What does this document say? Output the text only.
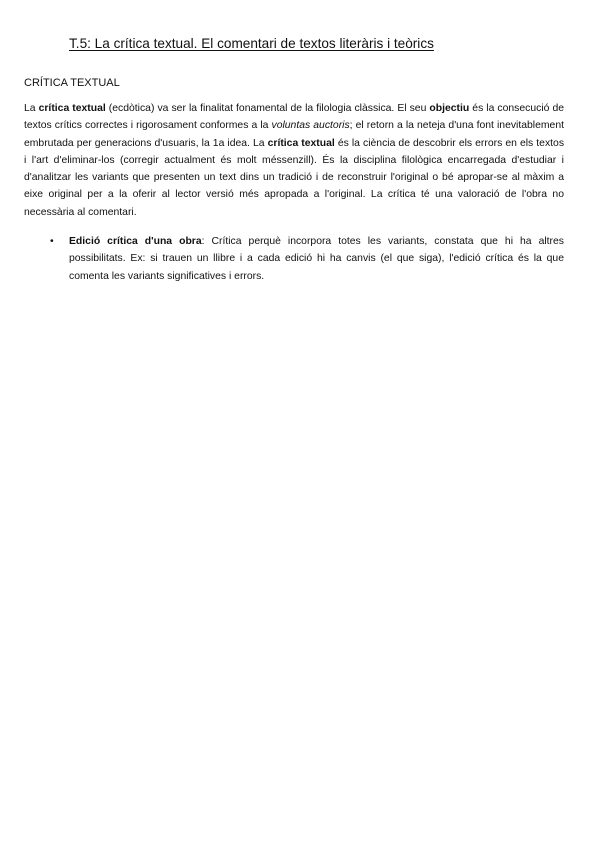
T.5: La crítica textual. El comentari de textos literàris i teòrics
CRÍTICA TEXTUAL
La crítica textual (ecdòtica) va ser la finalitat fonamental de la filologia clàssica. El seu objectiu és la consecució de textos crítics correctes i rigorosament conformes a la voluntas auctoris; el retorn a la neteja d'una font inevitablement embrutada per generacions d'usuaris, la 1a idea. La crítica textual és la ciència de descobrir els errors en els textos i l'art d'eliminar-los (corregir actualment és molt méssenzill). És la disciplina filològica encarregada d'estudiar i d'analitzar les variants que presenten un text dins un tradició i de reconstruir l'original o bé apropar-se al màxim a eixe original per a la oferir al lector versió més apropada a l'original. La crítica té una valoració de l'obra no necessària al comentari.
• Edició crítica d'una obra: Crítica perquè incorpora totes les variants, constata que hi ha altres possibilitats. Ex: si trauen un llibre i a cada edició hi ha canvis (el que siga), l'edició crítica és la que comenta les variants significatives i errors.
